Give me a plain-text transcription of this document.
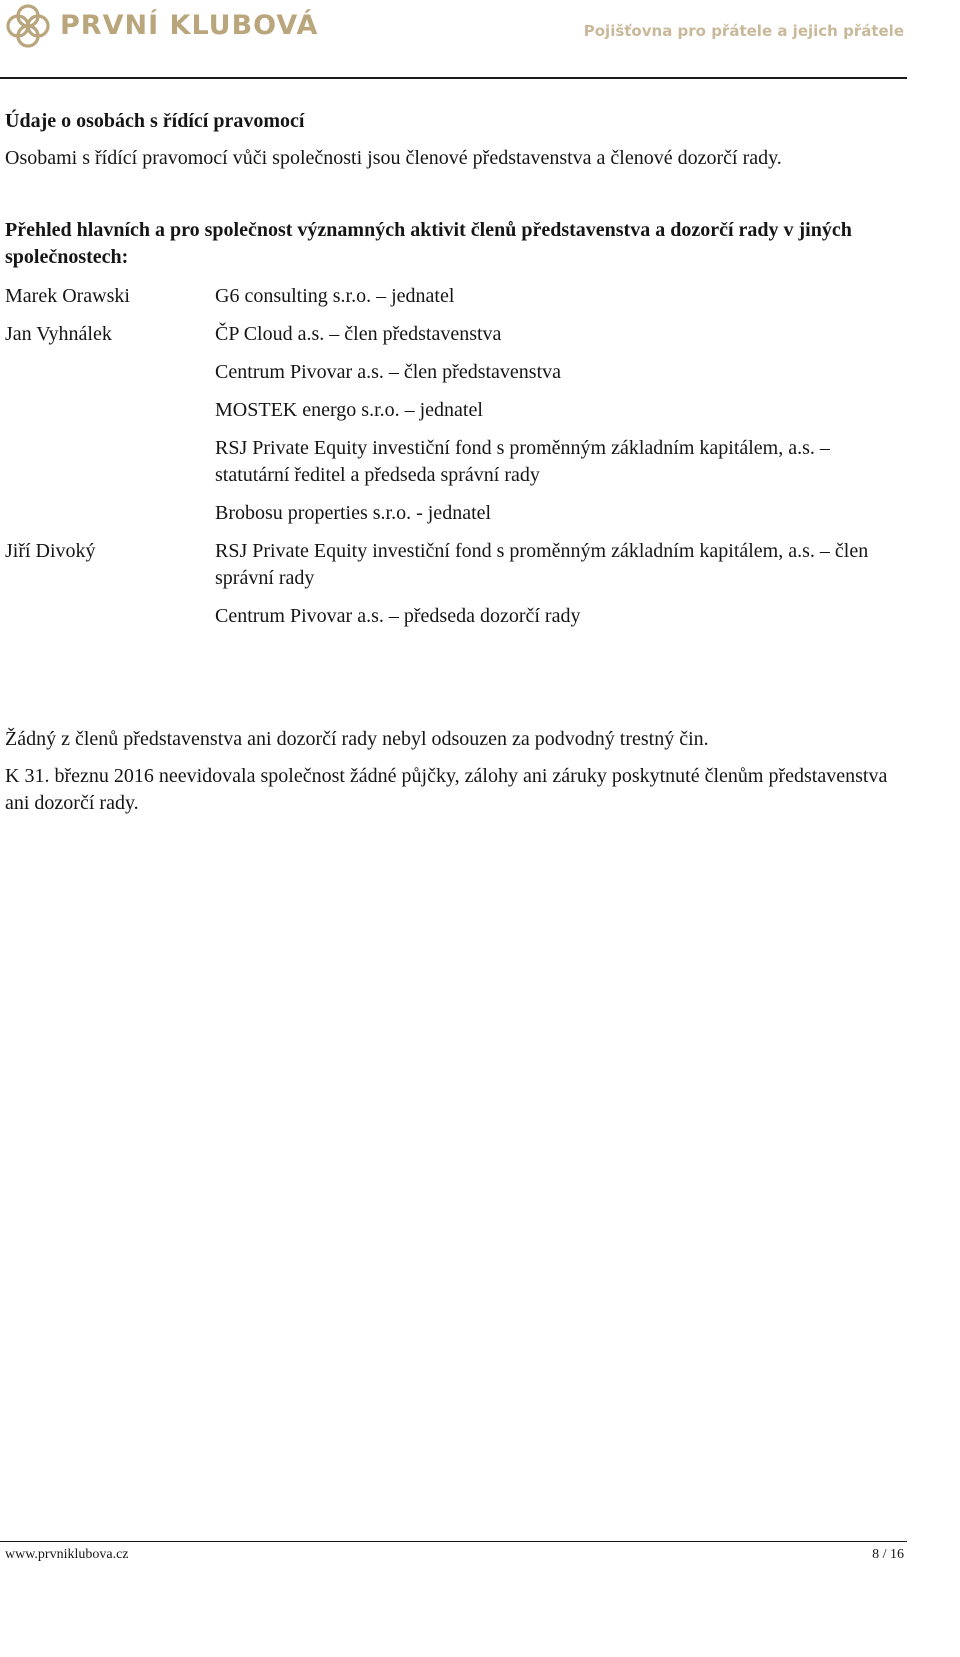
PRVNÍ KLUBOVÁ	Pojišťovna pro přátele a jejich přátele

Údaje o osobách s řídící pravomocí

Osobami s řídící pravomocí vůči společnosti jsou členové představenstva a členové dozorčí rady.

Přehled hlavních a pro společnost významných aktivit členů představenstva a dozorčí rady v jiných společnostech:

Marek Orawski	G6 consulting s.r.o. – jednatel

Jan Vyhnálek	ČP Cloud a.s. – člen představenstva
Centrum Pivovar a.s. – člen představenstva
MOSTEK energo s.r.o. – jednatel
RSJ Private Equity investiční fond s proměnným základním kapitálem, a.s. – statutární ředitel a předseda správní rady
Brobosu properties s.r.o. - jednatel

Jiří Divoký	RSJ Private Equity investiční fond s proměnným základním kapitálem, a.s. – člen správní rady
Centrum Pivovar a.s. – předseda dozorčí rady

Žádný z členů představenstva ani dozorčí rady nebyl odsouzen za podvodný trestný čin.

K 31. březnu 2016 neevidovala společnost žádné půjčky, zálohy ani záruky poskytnuté členům představenstva ani dozorčí rady.

www.prvniklubova.cz	8 / 16
